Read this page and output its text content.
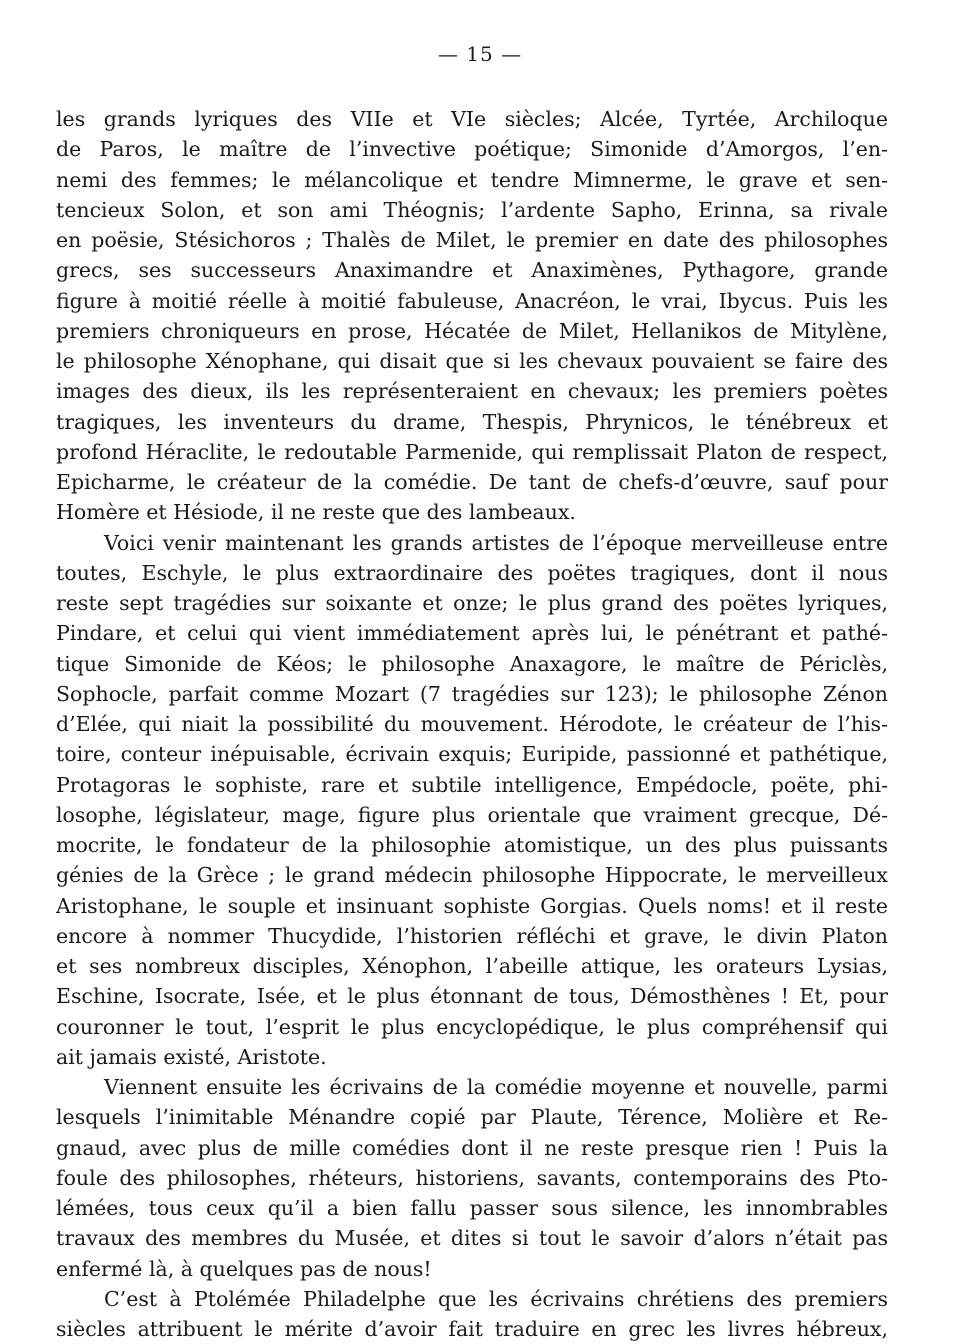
— 15 —
les grands lyriques des VIIe et VIe siècles; Alcée, Tyrtée, Archiloque
de Paros, le maître de l’invective poétique; Simonide d’Amorgos, l’en-
nemi des femmes; le mélancolique et tendre Mimnerme, le grave et sen-
tencieux Solon, et son ami Théognis; l’ardente Sapho, Erinna, sa rivale
en poësie, Stésichoros ; Thalès de Milet, le premier en date des philosophes
grecs, ses successeurs Anaximandre et Anaximènes, Pythagore, grande
figure à moitié réelle à moitié fabuleuse, Anacréon, le vrai, Ibycus. Puis les
premiers chroniqueurs en prose, Hécatée de Milet, Hellanikos de Mitylène,
le philosophe Xénophane, qui disait que si les chevaux pouvaient se faire des
images des dieux, ils les représenteraient en chevaux; les premiers poètes
tragiques, les inventeurs du drame, Thespis, Phrynicos, le ténébreux et
profond Héraclite, le redoutable Parmenide, qui remplissait Platon de respect,
Epicharme, le créateur de la comédie. De tant de chefs-d’œuvre, sauf pour
Homère et Hésiode, il ne reste que des lambeaux.
Voici venir maintenant les grands artistes de l’époque merveilleuse entre
toutes, Eschyle, le plus extraordinaire des poëtes tragiques, dont il nous
reste sept tragédies sur soixante et onze; le plus grand des poëtes lyriques,
Pindare, et celui qui vient immédiatement après lui, le pénétrant et pathé-
tique Simonide de Kéos; le philosophe Anaxagore, le maître de Périclès,
Sophocle, parfait comme Mozart (7 tragédies sur 123); le philosophe Zénon
d’Elée, qui niait la possibilité du mouvement. Hérodote, le créateur de l’his-
toire, conteur inépuisable, écrivain exquis; Euripide, passionné et pathétique,
Protagoras le sophiste, rare et subtile intelligence, Empédocle, poëte, phi-
losophe, législateur, mage, figure plus orientale que vraiment grecque, Dé-
mocrite, le fondateur de la philosophie atomistique, un des plus puissants
génies de la Grèce ; le grand médecin philosophe Hippocrate, le merveilleux
Aristophane, le souple et insinuant sophiste Gorgias. Quels noms! et il reste
encore à nommer Thucydide, l’historien réfléchi et grave, le divin Platon
et ses nombreux disciples, Xénophon, l’abeille attique, les orateurs Lysias,
Eschine, Isocrate, Isée, et le plus étonnant de tous, Démosthènes ! Et, pour
couronner le tout, l’esprit le plus encyclopédique, le plus compréhensif qui
ait jamais existé, Aristote.
Viennent ensuite les écrivains de la comédie moyenne et nouvelle, parmi
lesquels l’inimitable Ménandre copié par Plaute, Térence, Molière et Re-
gnaud, avec plus de mille comédies dont il ne reste presque rien ! Puis la
foule des philosophes, rhéteurs, historiens, savants, contemporains des Pto-
lémées, tous ceux qu’il a bien fallu passer sous silence, les innombrables
travaux des membres du Musée, et dites si tout le savoir d’alors n’était pas
enfermé là, à quelques pas de nous!
C’est à Ptolémée Philadelphe que les écrivains chrétiens des premiers
siècles attribuent le mérite d’avoir fait traduire en grec les livres hébreux,
